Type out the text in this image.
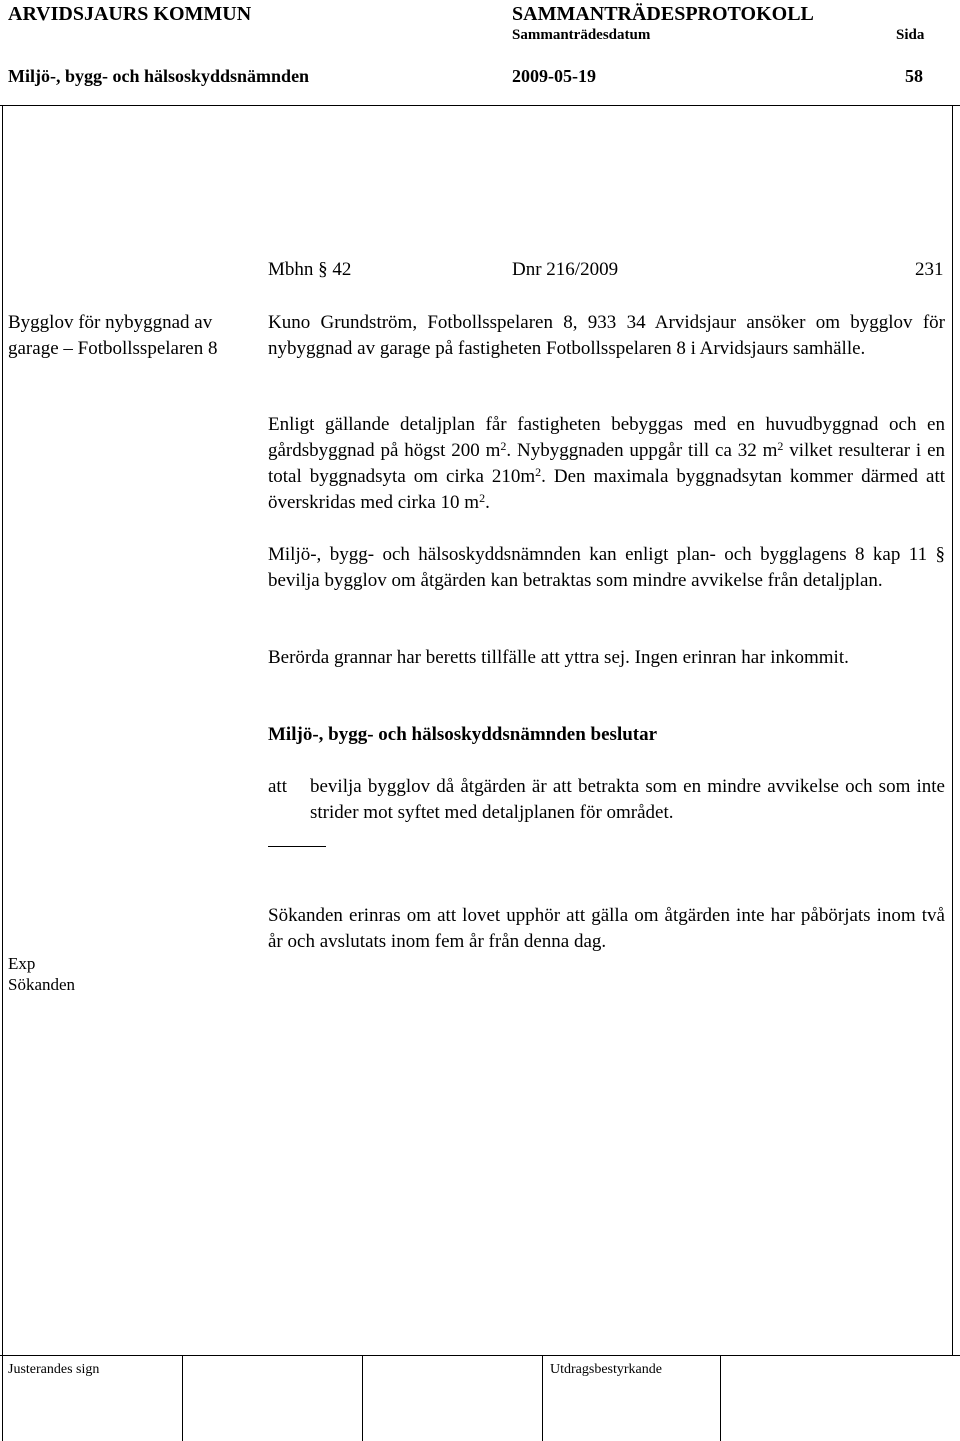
ARVIDSJAURS KOMMUN	SAMMANTRÄDESPROTOKOLL
Sammanträdesdatum	Sida
Miljö-, bygg- och hälsoskyddsnämnden	2009-05-19	58
Mbhn § 42	Dnr 216/2009	231
Bygglov för nybyggnad av
garage – Fotbollsspelaren 8
Exp
Sökanden
Kuno Grundström, Fotbollsspelaren 8, 933 34 Arvidsjaur ansöker om bygglov för nybyggnad av garage på fastigheten Fotbollsspelaren 8 i Arvidsjaurs samhälle.
Enligt gällande detaljplan får fastigheten bebyggas med en huvudbyggnad och en gårdsbyggnad på högst 200 $m^2$. Nybyggnaden uppgår till ca 32 $m^2$ vilket resulterar i en total byggnadsyta om cirka $210m^2$. Den maximala byggnadsytan kommer därmed att överskridas med cirka 10 $m^2$.
Miljö-, bygg- och hälsoskyddsnämnden kan enligt plan- och bygglagens 8 kap 11 § bevilja bygglov om åtgärden kan betraktas som mindre avvikelse från detaljplan.
Berörda grannar har beretts tillfälle att yttra sej. Ingen erinran har inkommit.
Miljö-, bygg- och hälsoskyddsnämnden beslutar
att bevilja bygglov då åtgärden är att betrakta som en mindre avvikelse och som inte strider mot syftet med detaljplanen för området.
Sökanden erinras om att lovet upphör att gälla om åtgärden inte har påbörjats inom två år och avslutats inom fem år från denna dag.
Justerandes sign	Utdragsbestyrkande
